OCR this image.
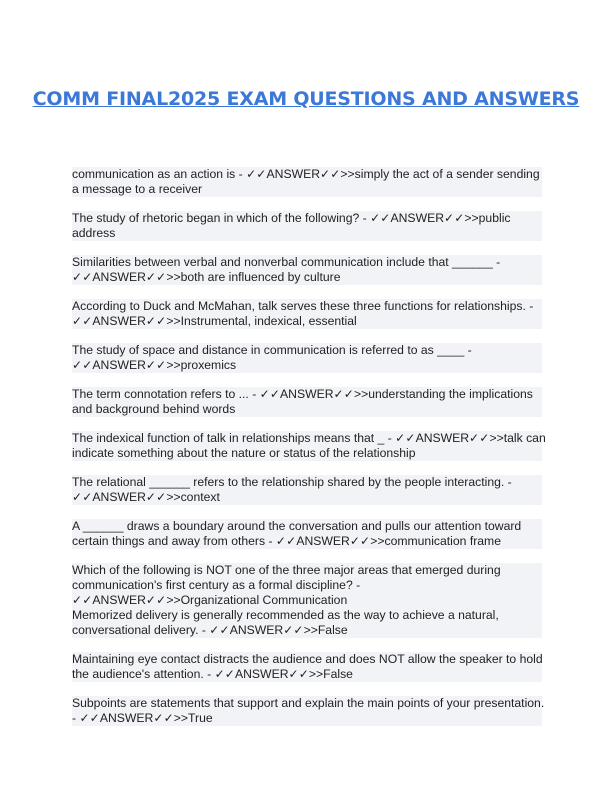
COMM FINAL2025 EXAM QUESTIONS AND ANSWERS
communication as an action is - ✓✓ANSWER✓✓>>simply the act of a sender sending
a message to a receiver
The study of rhetoric began in which of the following? - ✓✓ANSWER✓✓>>public
address
Similarities between verbal and nonverbal communication include that ______ -
✓✓ANSWER✓✓>>both are influenced by culture
According to Duck and McMahan, talk serves these three functions for relationships. -
✓✓ANSWER✓✓>>Instrumental, indexical, essential
The study of space and distance in communication is referred to as ____ -
✓✓ANSWER✓✓>>proxemics
The term connotation refers to ... - ✓✓ANSWER✓✓>>understanding the implications
and background behind words
The indexical function of talk in relationships means that _ - ✓✓ANSWER✓✓>>talk can
indicate something about the nature or status of the relationship
The relational ______ refers to the relationship shared by the people interacting. -
✓✓ANSWER✓✓>>context
A ______ draws a boundary around the conversation and pulls our attention toward
certain things and away from others - ✓✓ANSWER✓✓>>communication frame
Which of the following is NOT one of the three major areas that emerged during
communication's first century as a formal discipline? -
✓✓ANSWER✓✓>>Organizational Communication
Memorized delivery is generally recommended as the way to achieve a natural,
conversational delivery. - ✓✓ANSWER✓✓>>False
Maintaining eye contact distracts the audience and does NOT allow the speaker to hold
the audience's attention. - ✓✓ANSWER✓✓>>False
Subpoints are statements that support and explain the main points of your presentation.
- ✓✓ANSWER✓✓>>True
